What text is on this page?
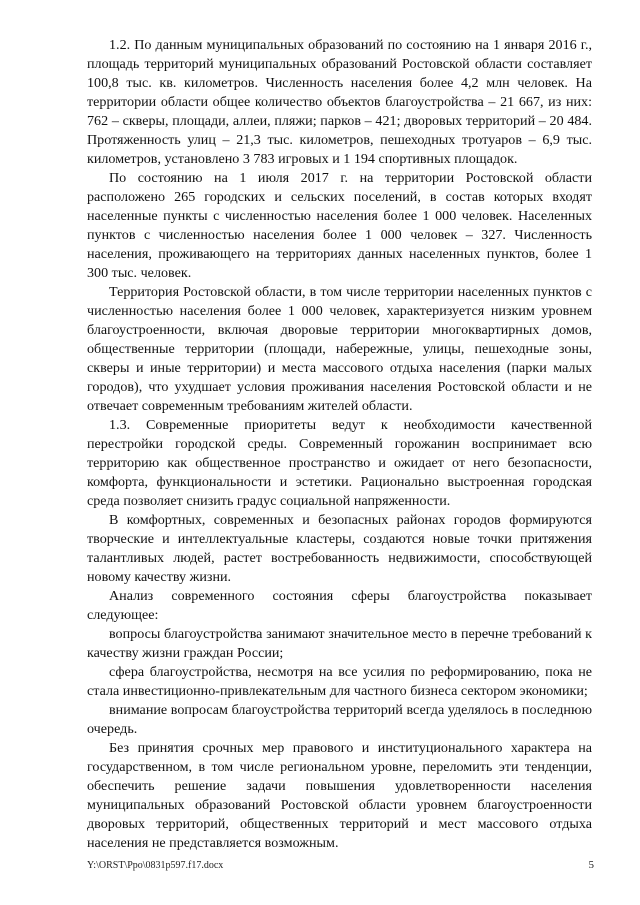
1.2. По данным муниципальных образований по состоянию на 1 января 2016 г., площадь территорий муниципальных образований Ростовской области составляет 100,8 тыс. кв. километров. Численность населения более 4,2 млн человек. На территории области общее количество объектов благоустройства – 21 667, из них: 762 – скверы, площади, аллеи, пляжи; парков – 421; дворовых территорий – 20 484. Протяженность улиц – 21,3 тыс. километров, пешеходных тротуаров – 6,9 тыс. километров, установлено 3 783 игровых и 1 194 спортивных площадок.

По состоянию на 1 июля 2017 г. на территории Ростовской области расположено 265 городских и сельских поселений, в состав которых входят населенные пункты с численностью населения более 1 000 человек. Населенных пунктов с численностью населения более 1 000 человек – 327. Численность населения, проживающего на территориях данных населенных пунктов, более 1 300 тыс. человек.

Территория Ростовской области, в том числе территории населенных пунктов с численностью населения более 1 000 человек, характеризуется низким уровнем благоустроенности, включая дворовые территории многоквартирных домов, общественные территории (площади, набережные, улицы, пешеходные зоны, скверы и иные территории) и места массового отдыха населения (парки малых городов), что ухудшает условия проживания населения Ростовской области и не отвечает современным требованиям жителей области.

1.3. Современные приоритеты ведут к необходимости качественной перестройки городской среды. Современный горожанин воспринимает всю территорию как общественное пространство и ожидает от него безопасности, комфорта, функциональности и эстетики. Рационально выстроенная городская среда позволяет снизить градус социальной напряженности.

В комфортных, современных и безопасных районах городов формируются творческие и интеллектуальные кластеры, создаются новые точки притяжения талантливых людей, растет востребованность недвижимости, способствующей новому качеству жизни.

Анализ современного состояния сферы благоустройства показывает следующее:

вопросы благоустройства занимают значительное место в перечне требований к качеству жизни граждан России;

сфера благоустройства, несмотря на все усилия по реформированию, пока не стала инвестиционно-привлекательным для частного бизнеса сектором экономики;

внимание вопросам благоустройства территорий всегда уделялось в последнюю очередь.

Без принятия срочных мер правового и институционального характера на государственном, в том числе региональном уровне, переломить эти тенденции, обеспечить решение задачи повышения удовлетворенности населения муниципальных образований Ростовской области уровнем благоустроенности дворовых территорий, общественных территорий и мест массового отдыха населения не представляется возможным.

Y:\ORST\Ppo\0831p597.f17.docx	5
